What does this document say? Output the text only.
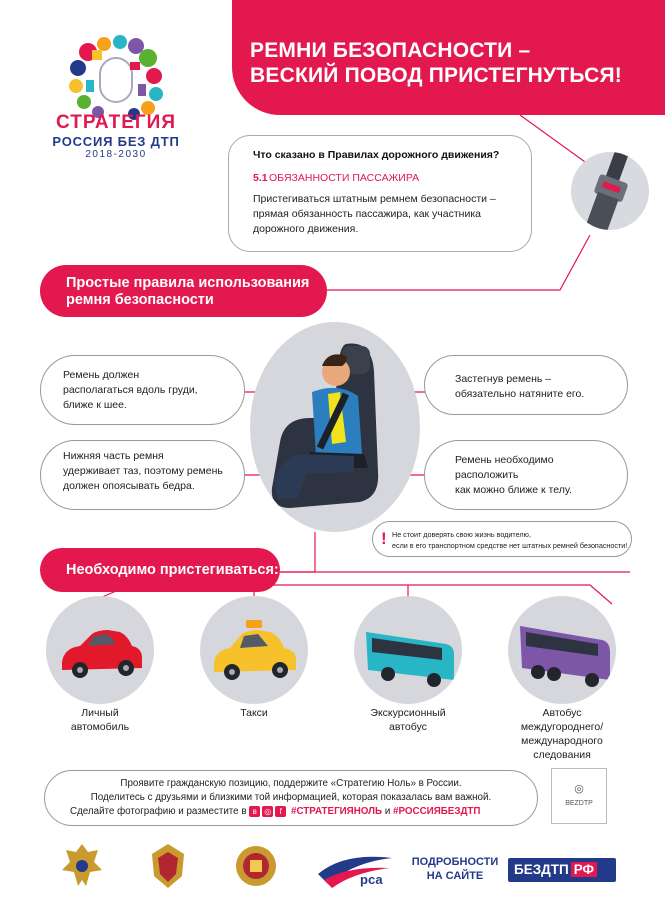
РЕМНИ БЕЗОПАСНОСТИ –
ВЕСКИЙ ПОВОД ПРИСТЕГНУТЬСЯ!
СТРАТЕГИЯ
РОССИЯ БЕЗ ДТП
2018-2030	Что сказано в Правилах дорожного движения?
5.1 ОБЯЗАННОСТИ ПАССАЖИРА
Пристегиваться штатным ремнем безопасности –
прямая обязанность пассажира, как участника
дорожного движения.
Простые правила использования
ремня безопасности
Ремень должен
располагаться вдоль груди,
ближе к шее.
Нижняя часть ремня
удерживает таз, поэтому ремень
должен опоясывать бедра.
Застегнув ремень –
обязательно натяните его.
Ремень необходимо
расположить
как можно ближе к телу.
! Не стоит доверять свою жизнь водителю,
если в его транспортном средстве нет штатных ремней безопасности!
Необходимо пристегиваться:
Личный
автомобиль
Такси	Экскурсионный
автобус
Автобус
междугороднего/
международного
следования
Проявите гражданскую позицию, поддержите «Стратегию Ноль» в России.
Поделитесь с друзьями и близкими той информацией, которая показалась вам важной.
Сделайте фотографию и разместите в в ◎ f #СТРАТЕГИЯНОЛЬ и #РОССИЯБЕЗДТП
◎
BEZDTP
рса
ПОДРОБНОСТИ
НА САЙТЕ	БЕЗДТП РФ
